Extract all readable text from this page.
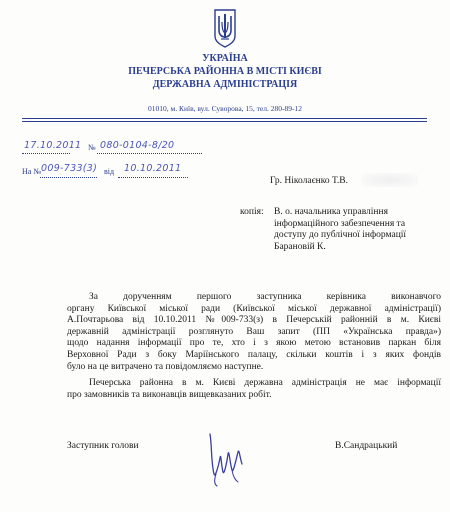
УКРАЇНА
ПЕЧЕРСЬКА РАЙОННА В МІСТІ КИЄВІ
ДЕРЖАВНА АДМІНІСТРАЦІЯ
01010, м. Київ, вул. Суворова, 15, тел. 280-89-12
17.10.2011 № 080-0104-8/20
На № 009-733(3) від 10.10.2011
Гр. Ніколаєнко Т.В.
копія: В. о. начальника управління
інформаційного забезпечення та
доступу до публічної інформації
Барановій К.
За дорученням першого заступника керівника виконавчого
органу Київської міської ради (Київської міської державної адміністрації)
А.Почтарьова від 10.10.2011 №009-733(з) в Печерській районній в м. Києві
державній адміністрації розглянуто Ваш запит (ПП «Українська правда»)
щодо надання інформації про те, хто і з якою метою встановив паркан біля
Верховної Ради з боку Маріїнського палацу, скільки коштів і з яких фондів
було на це витрачено та повідомляємо наступне.
Печерська районна в м. Києві державна адміністрація не має інформації
про замовників та виконавців вищевказаних робіт.
Заступник голови	В.Сандрацький
